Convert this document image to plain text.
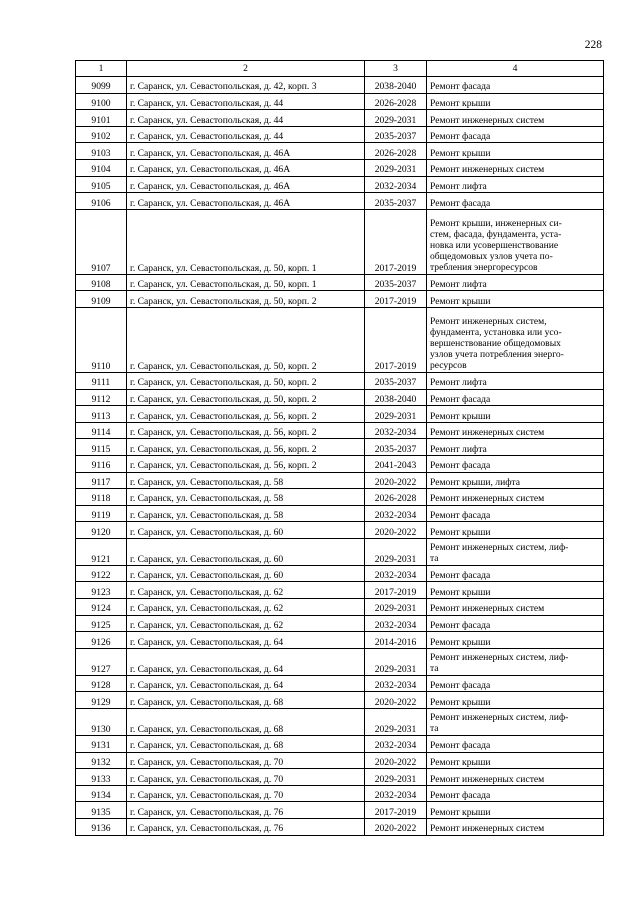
228
1	2	3	4
9099	г. Саранск, ул. Севастопольская, д. 42, корп. 3	2038-2040	Ремонт фасада
9100	г. Саранск, ул. Севастопольская, д. 44	2026-2028	Ремонт крыши
9101	г. Саранск, ул. Севастопольская, д. 44	2029-2031	Ремонт инженерных систем
9102	г. Саранск, ул. Севастопольская, д. 44	2035-2037	Ремонт фасада
9103	г. Саранск, ул. Севастопольская, д. 46А	2026-2028	Ремонт крыши
9104	г. Саранск, ул. Севастопольская, д. 46А	2029-2031	Ремонт инженерных систем
9105	г. Саранск, ул. Севастопольская, д. 46А	2032-2034	Ремонт лифта
9106	г. Саранск, ул. Севастопольская, д. 46А	2035-2037	Ремонт фасада
9107	г. Саранск, ул. Севастопольская, д. 50, корп. 1	2017-2019	Ремонт крыши, инженерных си-
стем, фасада, фундамента, уста-
новка или усовершенствование
общедомовых узлов учета по-
требления энергоресурсов
9108	г. Саранск, ул. Севастопольская, д. 50, корп. 1	2035-2037	Ремонт лифта
9109	г. Саранск, ул. Севастопольская, д. 50, корп. 2	2017-2019	Ремонт крыши
9110	г. Саранск, ул. Севастопольская, д. 50, корп. 2	2017-2019	Ремонт инженерных систем,
фундамента, установка или усо-
вершенствование общедомовых
узлов учета потребления энерго-
ресурсов
9111	г. Саранск, ул. Севастопольская, д. 50, корп. 2	2035-2037	Ремонт лифта
9112	г. Саранск, ул. Севастопольская, д. 50, корп. 2	2038-2040	Ремонт фасада
9113	г. Саранск, ул. Севастопольская, д. 56, корп. 2	2029-2031	Ремонт крыши
9114	г. Саранск, ул. Севастопольская, д. 56, корп. 2	2032-2034	Ремонт инженерных систем
9115	г. Саранск, ул. Севастопольская, д. 56, корп. 2	2035-2037	Ремонт лифта
9116	г. Саранск, ул. Севастопольская, д. 56, корп. 2	2041-2043	Ремонт фасада
9117	г. Саранск, ул. Севастопольская, д. 58	2020-2022	Ремонт крыши, лифта
9118	г. Саранск, ул. Севастопольская, д. 58	2026-2028	Ремонт инженерных систем
9119	г. Саранск, ул. Севастопольская, д. 58	2032-2034	Ремонт фасада
9120	г. Саранск, ул. Севастопольская, д. 60	2020-2022	Ремонт крыши
9121	г. Саранск, ул. Севастопольская, д. 60	2029-2031	Ремонт инженерных систем, лиф-
та
9122	г. Саранск, ул. Севастопольская, д. 60	2032-2034	Ремонт фасада
9123	г. Саранск, ул. Севастопольская, д. 62	2017-2019	Ремонт крыши
9124	г. Саранск, ул. Севастопольская, д. 62	2029-2031	Ремонт инженерных систем
9125	г. Саранск, ул. Севастопольская, д. 62	2032-2034	Ремонт фасада
9126	г. Саранск, ул. Севастопольская, д. 64	2014-2016	Ремонт крыши
9127	г. Саранск, ул. Севастопольская, д. 64	2029-2031	Ремонт инженерных систем, лиф-
та
9128	г. Саранск, ул. Севастопольская, д. 64	2032-2034	Ремонт фасада
9129	г. Саранск, ул. Севастопольская, д. 68	2020-2022	Ремонт крыши
9130	г. Саранск, ул. Севастопольская, д. 68	2029-2031	Ремонт инженерных систем, лиф-
та
9131	г. Саранск, ул. Севастопольская, д. 68	2032-2034	Ремонт фасада
9132	г. Саранск, ул. Севастопольская, д. 70	2020-2022	Ремонт крыши
9133	г. Саранск, ул. Севастопольская, д. 70	2029-2031	Ремонт инженерных систем
9134	г. Саранск, ул. Севастопольская, д. 70	2032-2034	Ремонт фасада
9135	г. Саранск, ул. Севастопольская, д. 76	2017-2019	Ремонт крыши
9136	г. Саранск, ул. Севастопольская, д. 76	2020-2022	Ремонт инженерных систем
